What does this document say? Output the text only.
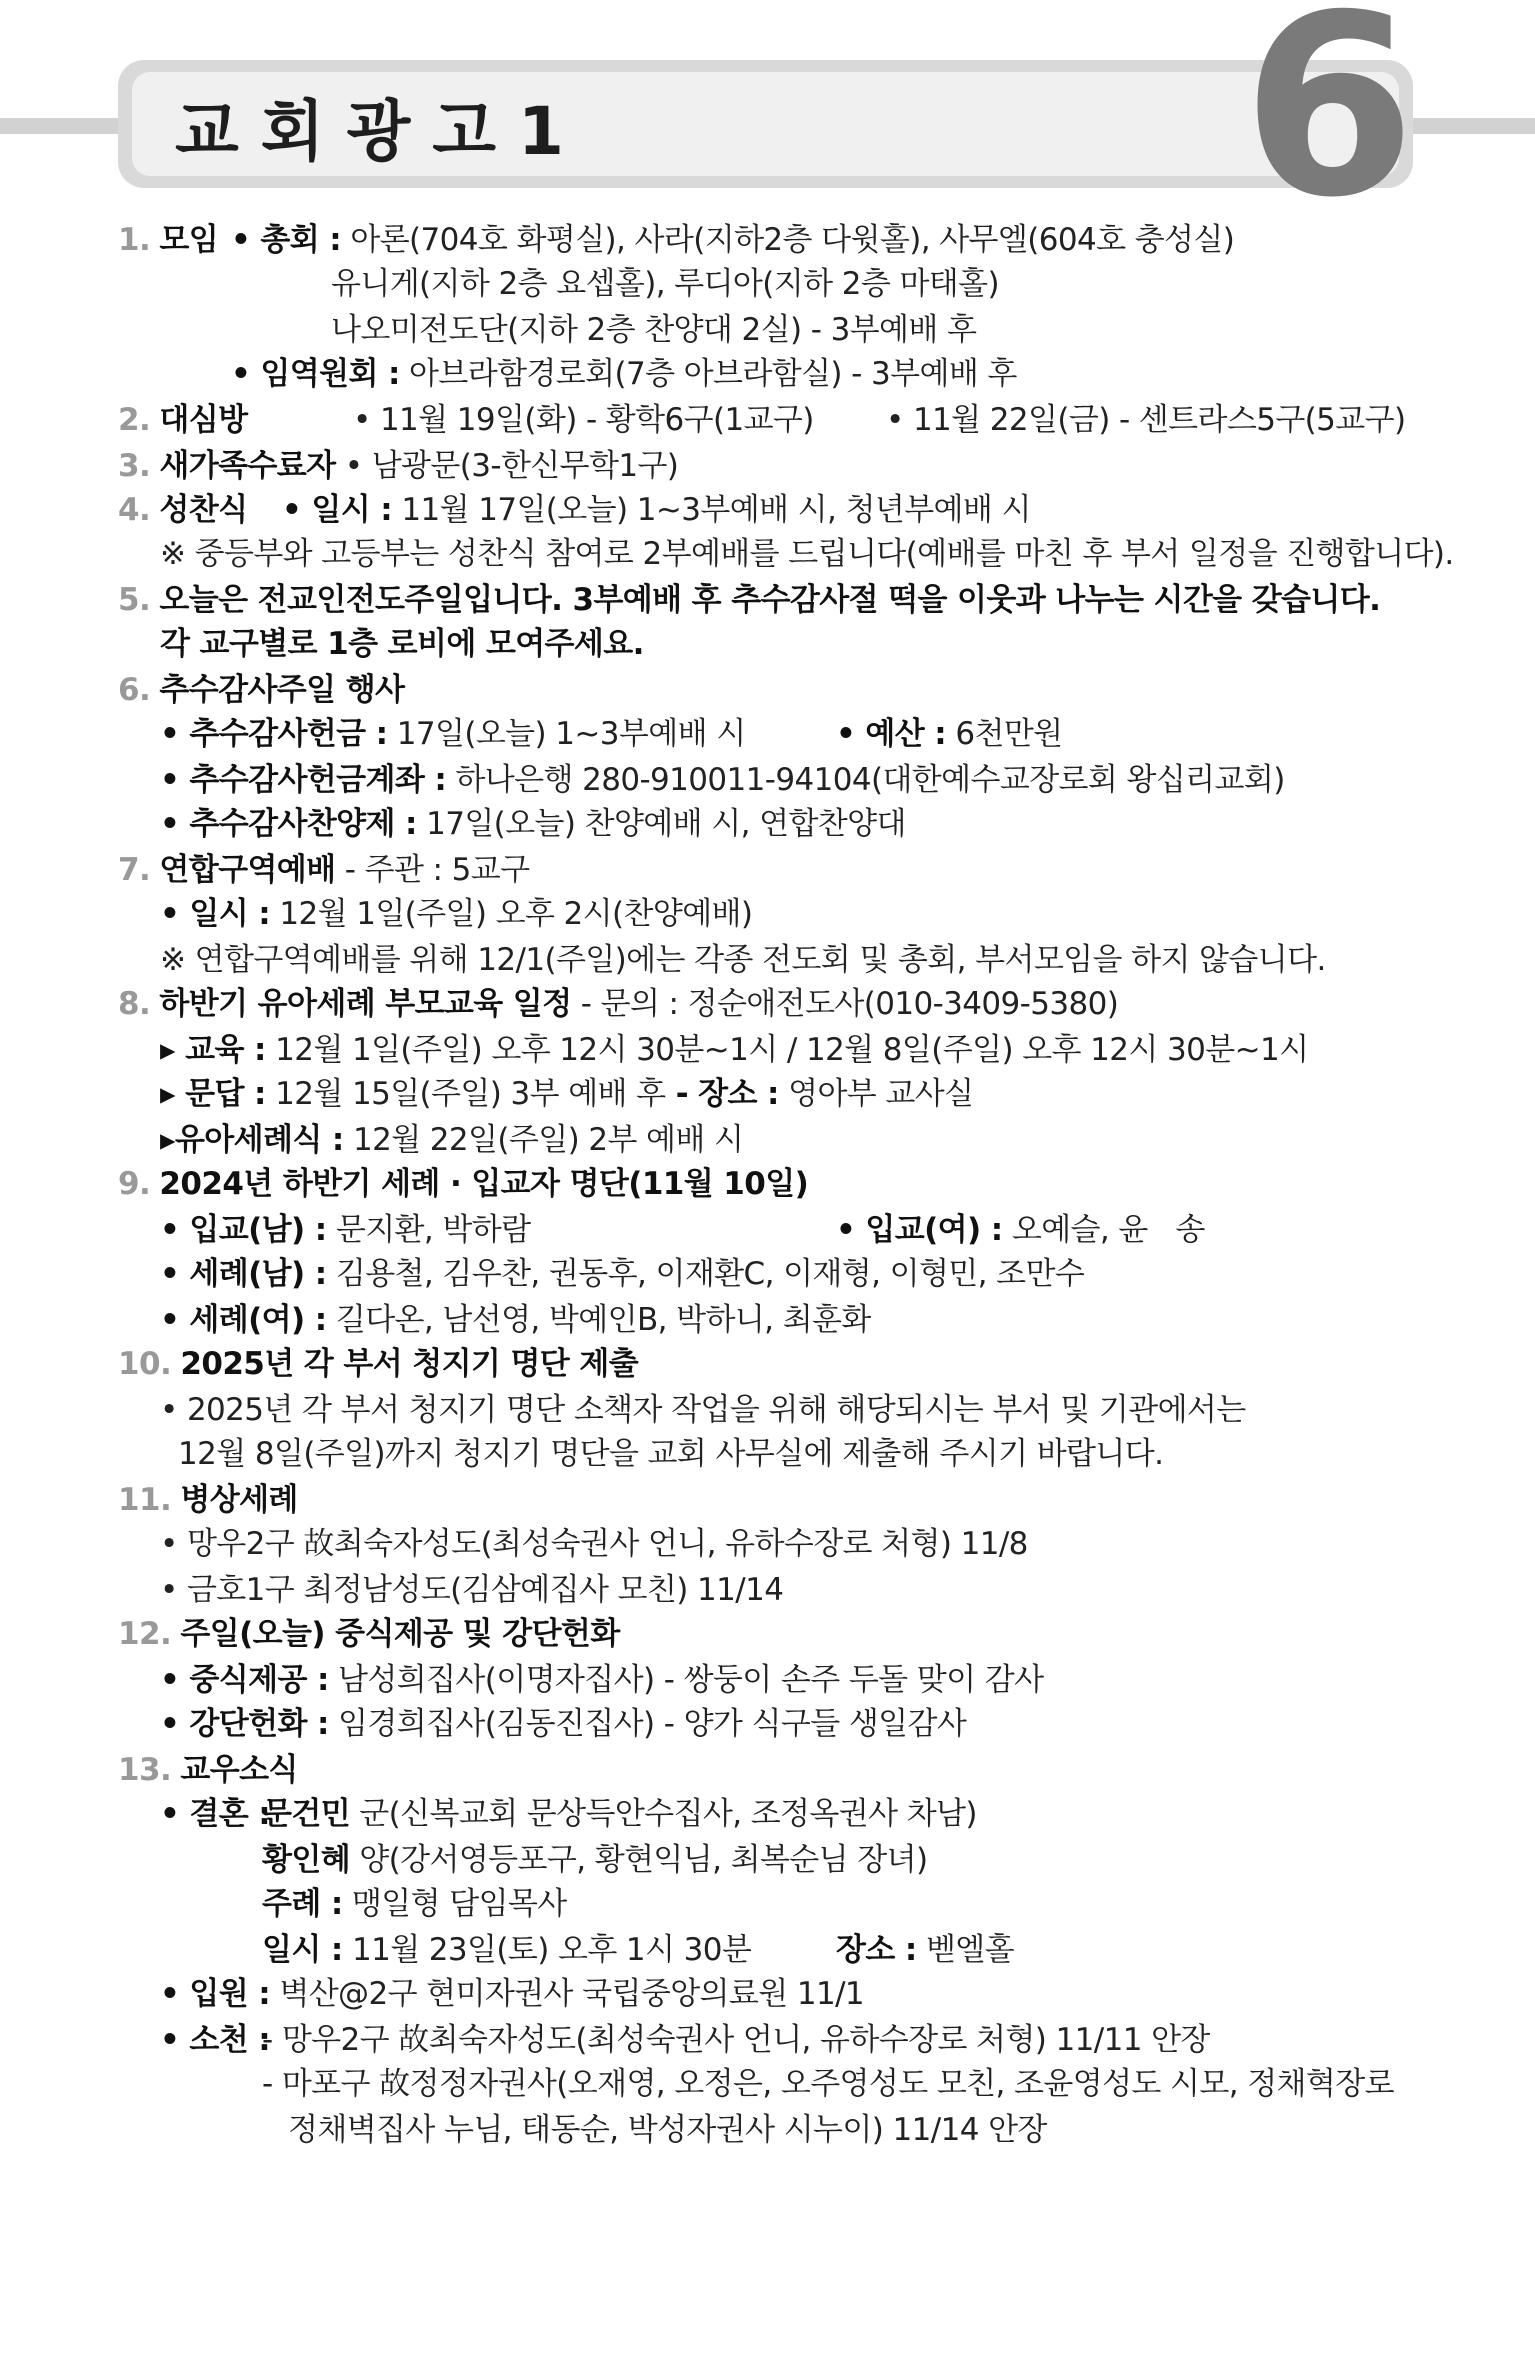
교회광고1	6
1. 모임 • 총회 : 아론(704호 화평실), 사라(지하2층 다윗홀), 사무엘(604호 충성실)
유니게(지하 2층 요셉홀), 루디아(지하 2층 마태홀)
나오미전도단(지하 2층 찬양대 2실) - 3부예배 후
• 임역원회 : 아브라함경로회(7층 아브라함실) - 3부예배 후
2. 대심방	• 11월 19일(화) - 황학6구(1교구) • 11월 22일(금) - 센트라스5구(5교구)
3. 새가족수료자 • 남광문(3-한신무학1구)
4. 성찬식 • 일시 : 11월 17일(오늘) 1~3부예배 시, 청년부예배 시
※ 중등부와 고등부는 성찬식 참여로 2부예배를 드립니다(예배를 마친 후 부서 일정을 진행합니다).
5. 오늘은 전교인전도주일입니다. 3부예배 후 추수감사절 떡을 이웃과 나누는 시간을 갖습니다.
각 교구별로 1층 로비에 모여주세요.
6. 추수감사주일 행사
• 추수감사헌금 : 17일(오늘) 1~3부예배 시	• 예산 : 6천만원
• 추수감사헌금계좌 : 하나은행 280-910011-94104(대한예수교장로회 왕십리교회)
• 추수감사찬양제 : 17일(오늘) 찬양예배 시, 연합찬양대
7. 연합구역예배 - 주관 : 5교구
• 일시 : 12월 1일(주일) 오후 2시(찬양예배)
※ 연합구역예배를 위해 12/1(주일)에는 각종 전도회 및 총회, 부서모임을 하지 않습니다.
8. 하반기 유아세례 부모교육 일정 - 문의 : 정순애전도사(010-3409-5380)
▸ 교육 : 12월 1일(주일) 오후 12시 30분~1시 / 12월 8일(주일) 오후 12시 30분~1시
▸ 문답 : 12월 15일(주일) 3부 예배 후 - 장소 : 영아부 교사실
▸유아세례식 : 12월 22일(주일) 2부 예배 시
9. 2024년 하반기 세례 · 입교자 명단(11월 10일)
• 입교(남) : 문지환, 박하람	• 입교(여) : 오예슬, 윤   송
• 세례(남) : 김용철, 김우찬, 권동후, 이재환C, 이재형, 이형민, 조만수
• 세례(여) : 길다온, 남선영, 박예인B, 박하니, 최훈화
10. 2025년 각 부서 청지기 명단 제출
• 2025년 각 부서 청지기 명단 소책자 작업을 위해 해당되시는 부서 및 기관에서는
12월 8일(주일)까지 청지기 명단을 교회 사무실에 제출해 주시기 바랍니다.
11. 병상세례
• 망우2구 故최숙자성도(최성숙권사 언니, 유하수장로 처형) 11/8
• 금호1구 최정남성도(김삼예집사 모친) 11/14
12. 주일(오늘) 중식제공 및 강단헌화
• 중식제공 : 남성희집사(이명자집사) - 쌍둥이 손주 두돌 맞이 감사
• 강단헌화 : 임경희집사(김동진집사) - 양가 식구들 생일감사
13. 교우소식
• 결혼 :
문건민 군(신복교회 문상득안수집사, 조정옥권사 차남)
황인혜 양(강서영등포구, 황현익님, 최복순님 장녀)
주례 : 맹일형 담임목사
일시 : 11월 23일(토) 오후 1시 30분	장소 : 벧엘홀
• 입원 : 벽산@2구 현미자권사 국립중앙의료원 11/1
• 소천 :
- 망우2구 故최숙자성도(최성숙권사 언니, 유하수장로 처형) 11/11 안장
- 마포구 故정정자권사(오재영, 오정은, 오주영성도 모친, 조윤영성도 시모, 정채혁장로
정채벽집사 누님, 태동순, 박성자권사 시누이) 11/14 안장
